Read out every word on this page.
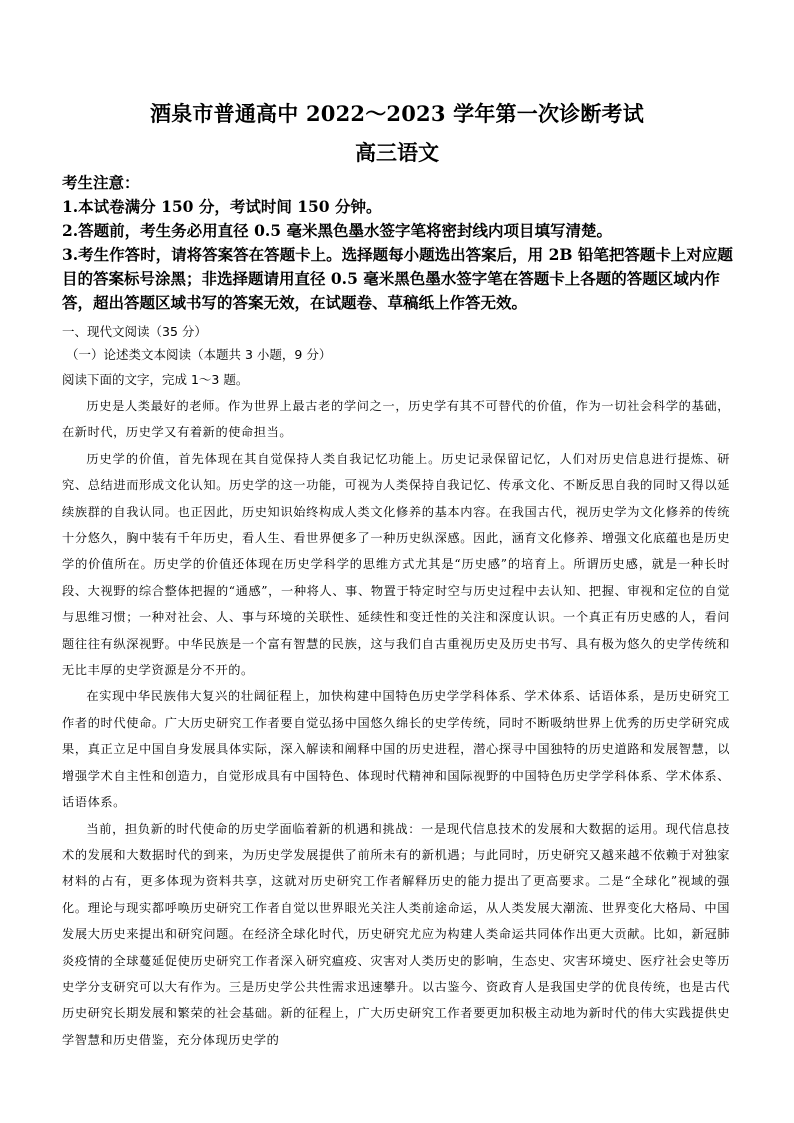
酒泉市普通高中 2022～2023 学年第一次诊断考试
高三语文
考生注意：
1.本试卷满分 150 分，考试时间 150 分钟。
2.答题前，考生务必用直径 0.5 毫米黑色墨水签字笔将密封线内项目填写清楚。
3.考生作答时，请将答案答在答题卡上。选择题每小题选出答案后，用 2B 铅笔把答题卡上对应题目的答案标号涂黑；非选择题请用直径 0.5 毫米黑色墨水签字笔在答题卡上各题的答题区域内作答，超出答题区域书写的答案无效，在试题卷、草稿纸上作答无效。
一、现代文阅读（35 分）
（一）论述类文本阅读（本题共 3 小题，9 分）
阅读下面的文字，完成 1～3 题。

历史是人类最好的老师。作为世界上最古老的学问之一，历史学有其不可替代的价值，作为一切社会科学的基础，在新时代，历史学又有着新的使命担当。

历史学的价值，首先体现在其自觉保持人类自我记忆功能上。历史记录保留记忆，人们对历史信息进行提炼、研究、总结进而形成文化认知。历史学的这一功能，可视为人类保持自我记忆、传承文化、不断反思自我的同时又得以延续族群的自我认同。也正因此，历史知识始终构成人类文化修养的基本内容。在我国古代，视历史学为文化修养的传统十分悠久，胸中装有千年历史，看人生、看世界便多了一种历史纵深感。因此，涵育文化修养、增强文化底蕴也是历史学的价值所在。历史学的价值还体现在历史学科学的思维方式尤其是“历史感”的培育上。所谓历史感，就是一种长时段、大视野的综合整体把握的“通感”，一种将人、事、物置于特定时空与历史过程中去认知、把握、审视和定位的自觉与思维习惯；一种对社会、人、事与环境的关联性、延续性和变迁性的关注和深度认识。一个真正有历史感的人，看问题往往有纵深视野。中华民族是一个富有智慧的民族，这与我们自古重视历史及历史书写、具有极为悠久的史学传统和无比丰厚的史学资源是分不开的。

在实现中华民族伟大复兴的壮阔征程上，加快构建中国特色历史学学科体系、学术体系、话语体系，是历史研究工作者的时代使命。广大历史研究工作者要自觉弘扬中国悠久绵长的史学传统，同时不断吸纳世界上优秀的历史学研究成果，真正立足中国自身发展具体实际，深入解读和阐释中国的历史进程，潜心探寻中国独特的历史道路和发展智慧，以增强学术自主性和创造力，自觉形成具有中国特色、体现时代精神和国际视野的中国特色历史学学科体系、学术体系、话语体系。

当前，担负新的时代使命的历史学面临着新的机遇和挑战：一是现代信息技术的发展和大数据的运用。现代信息技术的发展和大数据时代的到来，为历史学发展提供了前所未有的新机遇；与此同时，历史研究又越来越不依赖于对独家材料的占有，更多体现为资料共享，这就对历史研究工作者解释历史的能力提出了更高要求。二是“全球化”视域的强化。理论与现实都呼唤历史研究工作者自觉以世界眼光关注人类前途命运，从人类发展大潮流、世界变化大格局、中国发展大历史来提出和研究问题。在经济全球化时代，历史研究尤应为构建人类命运共同体作出更大贡献。比如，新冠肺炎疫情的全球蔓延促使历史研究工作者深入研究瘟疫、灾害对人类历史的影响，生态史、灾害环境史、医疗社会史等历史学分支研究可以大有作为。三是历史学公共性需求迅速攀升。以古鉴今、资政育人是我国史学的优良传统，也是古代历史研究长期发展和繁荣的社会基础。新的征程上，广大历史研究工作者要更加积极主动地为新时代的伟大实践提供史学智慧和历史借鉴，充分体现历史学的
